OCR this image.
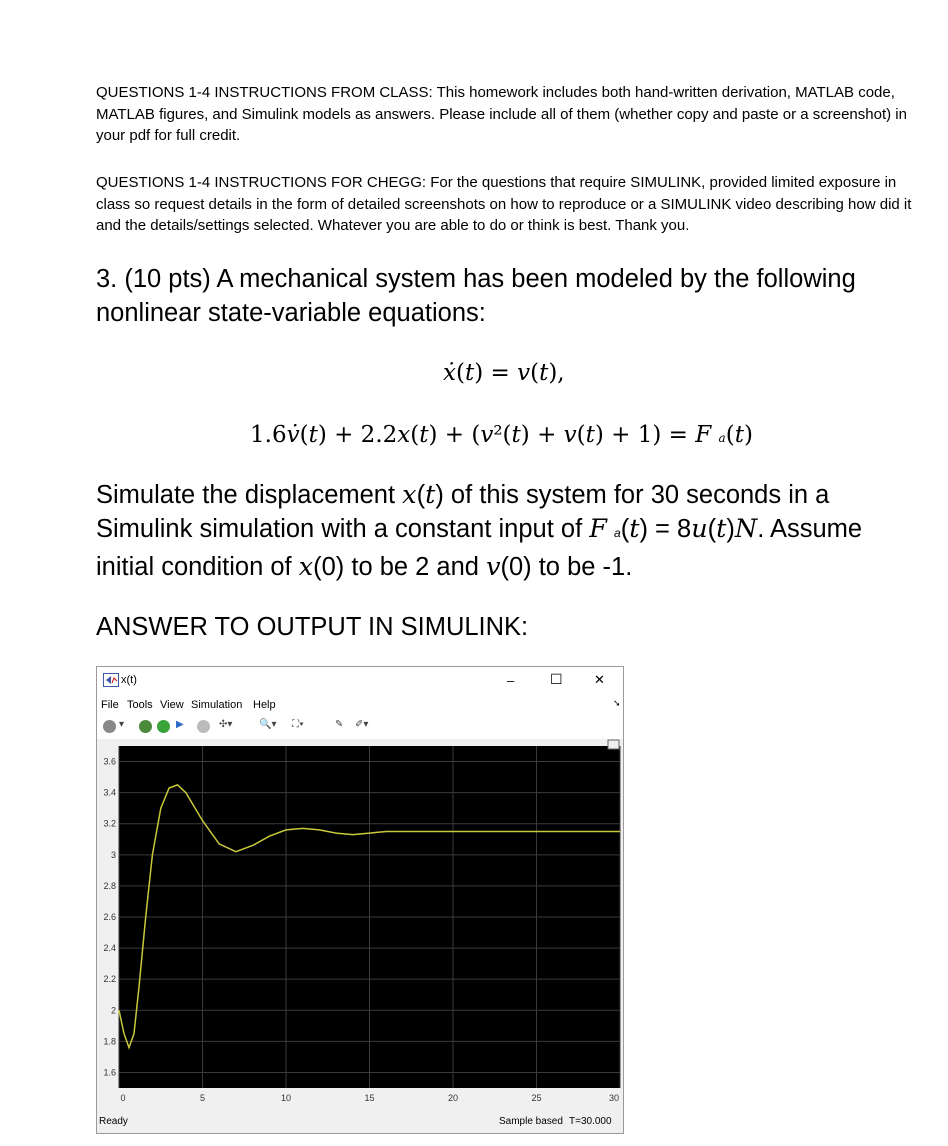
QUESTIONS 1-4 INSTRUCTIONS FROM CLASS: This homework includes both hand-written derivation, MATLAB code, MATLAB figures, and Simulink models as answers. Please include all of them (whether copy and paste or a screenshot) in your pdf for full credit.

QUESTIONS 1-4 INSTRUCTIONS FOR CHEGG: For the questions that require SIMULINK, provided limited exposure in class so request details in the form of detailed screenshots on how to reproduce or a SIMULINK video describing how did it and the details/settings selected. Whatever you are able to do or think is best. Thank you.

3. (10 pts) A mechanical system has been modeled by the following nonlinear state-variable equations:

ẋ(t) = v(t),
1.6v̇(t) + 2.2x(t) + (v²(t) + v(t) + 1) = F a(t)

Simulate the displacement x(t) of this system for 30 seconds in a Simulink simulation with a constant input of F a(t) = 8u(t)N. Assume initial condition of x(0) to be 2 and v(0) to be -1.

ANSWER TO OUTPUT IN SIMULINK:

x(t)	–	☐ ✕
File Tools View Simulation Help	➘
▾	▶	✣▾	🔍▾ ⛶▾	✎ ✐▾
1.6
1.8
2
2.2
2.4
2.6
2.8
3
3.2
3.4
3.6
0	5	10	15	20	25	30
Ready	Sample based T=30.000
